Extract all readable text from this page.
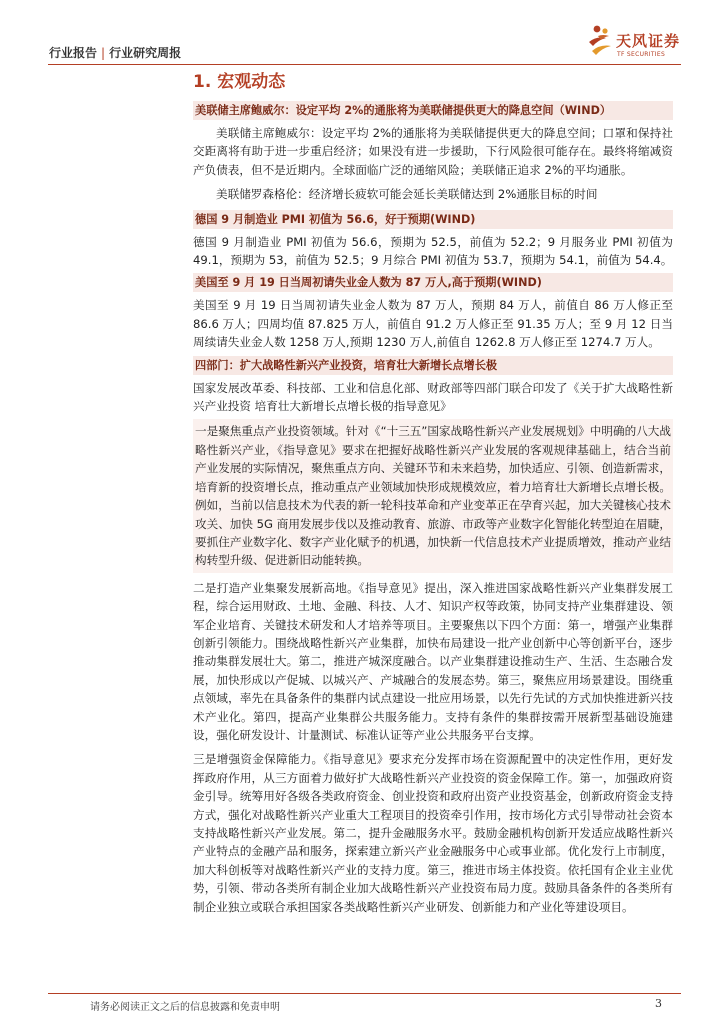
行业报告 | 行业研究周报
天风证券
TF SECURITIES
1. 宏观动态
美联储主席鲍威尔：设定平均 2%的通胀将为美联储提供更大的降息空间（WIND）

美联储主席鲍威尔：设定平均 2%的通胀将为美联储提供更大的降息空间；口罩和保持社交距离将有助于进一步重启经济；如果没有进一步援助，下行风险很可能存在。最终将缩减资产负债表，但不是近期内。全球面临广泛的通缩风险；美联储正追求 2%的平均通胀。

美联储罗森格伦：经济增长疲软可能会延长美联储达到 2%通胀目标的时间

德国 9 月制造业 PMI 初值为 56.6，好于预期(WIND)

德国 9 月制造业 PMI 初值为 56.6，预期为 52.5，前值为 52.2；9 月服务业 PMI 初值为 49.1，预期为 53，前值为 52.5；9 月综合 PMI 初值为 53.7，预期为 54.1，前值为 54.4。

美国至 9 月 19 日当周初请失业金人数为 87 万人,高于预期(WIND)

美国至 9 月 19 日当周初请失业金人数为 87 万人，预期 84 万人，前值自 86 万人修正至 86.6 万人；四周均值 87.825 万人，前值自 91.2 万人修正至 91.35 万人；至 9 月 12 日当周续请失业金人数 1258 万人,预期 1230 万人,前值自 1262.8 万人修正至 1274.7 万人。

四部门：扩大战略性新兴产业投资，培育壮大新增长点增长极

国家发展改革委、科技部、工业和信息化部、财政部等四部门联合印发了《关于扩大战略性新兴产业投资 培育壮大新增长点增长极的指导意见》

一是聚焦重点产业投资领域。针对《“十三五”国家战略性新兴产业发展规划》中明确的八大战略性新兴产业，《指导意见》要求在把握好战略性新兴产业发展的客观规律基础上，结合当前产业发展的实际情况，聚焦重点方向、关键环节和未来趋势，加快适应、引领、创造新需求，培育新的投资增长点，推动重点产业领域加快形成规模效应，着力培育壮大新增长点增长极。例如，当前以信息技术为代表的新一轮科技革命和产业变革正在孕育兴起，加大关键核心技术攻关、加快 5G 商用发展步伐以及推动教育、旅游、市政等产业数字化智能化转型迫在眉睫，要抓住产业数字化、数字产业化赋予的机遇，加快新一代信息技术产业提质增效，推动产业结构转型升级、促进新旧动能转换。

二是打造产业集聚发展新高地。《指导意见》提出，深入推进国家战略性新兴产业集群发展工程，综合运用财政、土地、金融、科技、人才、知识产权等政策，协同支持产业集群建设、领军企业培育、关键技术研发和人才培养等项目。主要聚焦以下四个方面：第一，增强产业集群创新引领能力。围绕战略性新兴产业集群，加快布局建设一批产业创新中心等创新平台，逐步推动集群发展壮大。第二，推进产城深度融合。以产业集群建设推动生产、生活、生态融合发展，加快形成以产促城、以城兴产、产城融合的发展态势。第三，聚焦应用场景建设。围绕重点领域，率先在具备条件的集群内试点建设一批应用场景，以先行先试的方式加快推进新兴技术产业化。第四，提高产业集群公共服务能力。支持有条件的集群按需开展新型基础设施建设，强化研发设计、计量测试、标准认证等产业公共服务平台支撑。

三是增强资金保障能力。《指导意见》要求充分发挥市场在资源配置中的决定性作用，更好发挥政府作用，从三方面着力做好扩大战略性新兴产业投资的资金保障工作。第一，加强政府资金引导。统筹用好各级各类政府资金、创业投资和政府出资产业投资基金，创新政府资金支持方式，强化对战略性新兴产业重大工程项目的投资牵引作用，按市场化方式引导带动社会资本支持战略性新兴产业发展。第二，提升金融服务水平。鼓励金融机构创新开发适应战略性新兴产业特点的金融产品和服务，探索建立新兴产业金融服务中心或事业部。优化发行上市制度，加大科创板等对战略性新兴产业的支持力度。第三，推进市场主体投资。依托国有企业主业优势，引领、带动各类所有制企业加大战略性新兴产业投资布局力度。鼓励具备条件的各类所有制企业独立或联合承担国家各类战略性新兴产业研发、创新能力和产业化等建设项目。

请务必阅读正文之后的信息披露和免责申明	3
